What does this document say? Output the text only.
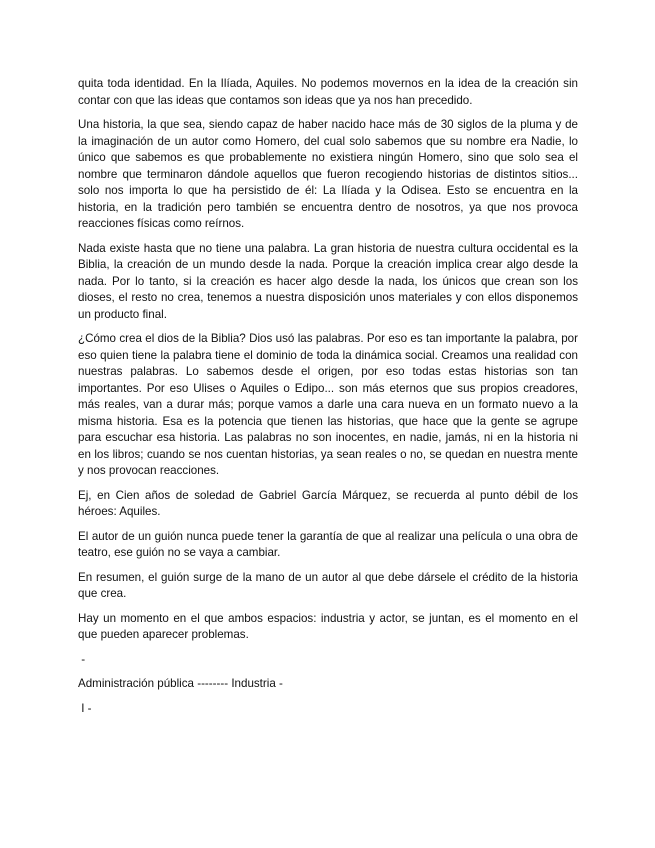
quita toda identidad. En la Ilíada, Aquiles. No podemos movernos en la idea de la creación sin contar con que las ideas que contamos son ideas que ya nos han precedido.

Una historia, la que sea, siendo capaz de haber nacido hace más de 30 siglos de la pluma y de la imaginación de un autor como Homero, del cual solo sabemos que su nombre era Nadie, lo único que sabemos es que probablemente no existiera ningún Homero, sino que solo sea el nombre que terminaron dándole aquellos que fueron recogiendo historias de distintos sitios... solo nos importa lo que ha persistido de él: La Ilíada y la Odisea. Esto se encuentra en la historia, en la tradición pero también se encuentra dentro de nosotros, ya que nos provoca reacciones físicas como reírnos.

Nada existe hasta que no tiene una palabra. La gran historia de nuestra cultura occidental es la Biblia, la creación de un mundo desde la nada. Porque la creación implica crear algo desde la nada. Por lo tanto, si la creación es hacer algo desde la nada, los únicos que crean son los dioses, el resto no crea, tenemos a nuestra disposición unos materiales y con ellos disponemos un producto final.

¿Cómo crea el dios de la Biblia? Dios usó las palabras. Por eso es tan importante la palabra, por eso quien tiene la palabra tiene el dominio de toda la dinámica social. Creamos una realidad con nuestras palabras. Lo sabemos desde el origen, por eso todas estas historias son tan importantes. Por eso Ulises o Aquiles o Edipo... son más eternos que sus propios creadores, más reales, van a durar más; porque vamos a darle una cara nueva en un formato nuevo a la misma historia. Esa es la potencia que tienen las historias, que hace que la gente se agrupe para escuchar esa historia. Las palabras no son inocentes, en nadie, jamás, ni en la historia ni en los libros; cuando se nos cuentan historias, ya sean reales o no, se quedan en nuestra mente y nos provocan reacciones.

Ej, en Cien años de soledad de Gabriel García Márquez, se recuerda al punto débil de los héroes: Aquiles.

El autor de un guión nunca puede tener la garantía de que al realizar una película o una obra de teatro, ese guión no se vaya a cambiar.

En resumen, el guión surge de la mano de un autor al que debe dársele el crédito de la historia que crea.

Hay un momento en el que ambos espacios: industria y actor, se juntan, es el momento en el que pueden aparecer problemas.

-

Administración pública -------- Industria -

I -
